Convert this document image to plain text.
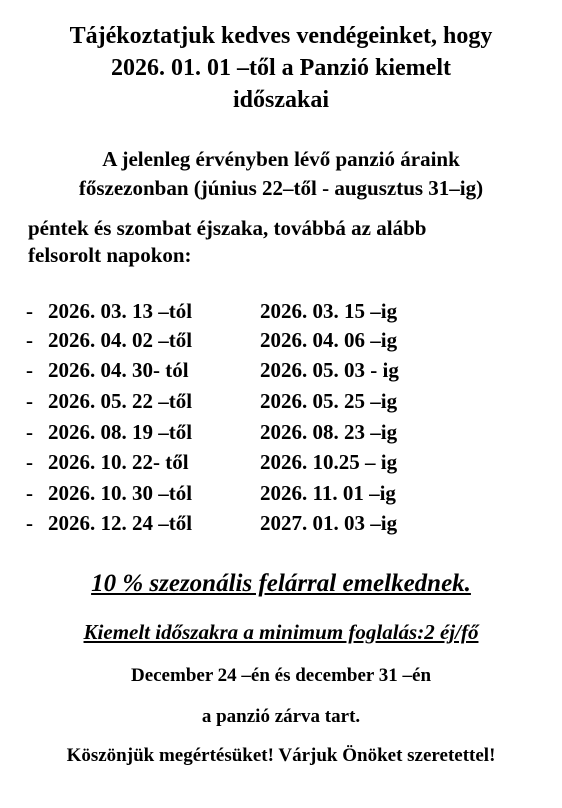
Tájékoztatjuk kedves vendégeinket, hogy
2026. 01. 01 –től a Panzió kiemelt
időszakai
A jelenleg érvényben lévő panzió áraink
főszezonban (június 22–től - augusztus 31–ig)
péntek és szombat éjszaka, továbbá az alább
felsorolt napokon:
- 2026. 03. 13 –tól	2026. 03. 15 –ig
- 2026. 04. 02 –től	2026. 04. 06 –ig
- 2026. 04. 30- tól	2026. 05. 03 - ig
- 2026. 05. 22 –től	2026. 05. 25 –ig
- 2026. 08. 19 –től	2026. 08. 23 –ig
- 2026. 10. 22- től	2026. 10.25 – ig
- 2026. 10. 30 –tól	2026. 11. 01 –ig
- 2026. 12. 24 –től	2027. 01. 03 –ig
10 % szezonális felárral emelkednek.
Kiemelt időszakra a minimum foglalás:2 éj/fő
December 24 –én és december 31 –én
a panzió zárva tart.
Köszönjük megértésüket! Várjuk Önöket szeretettel!
